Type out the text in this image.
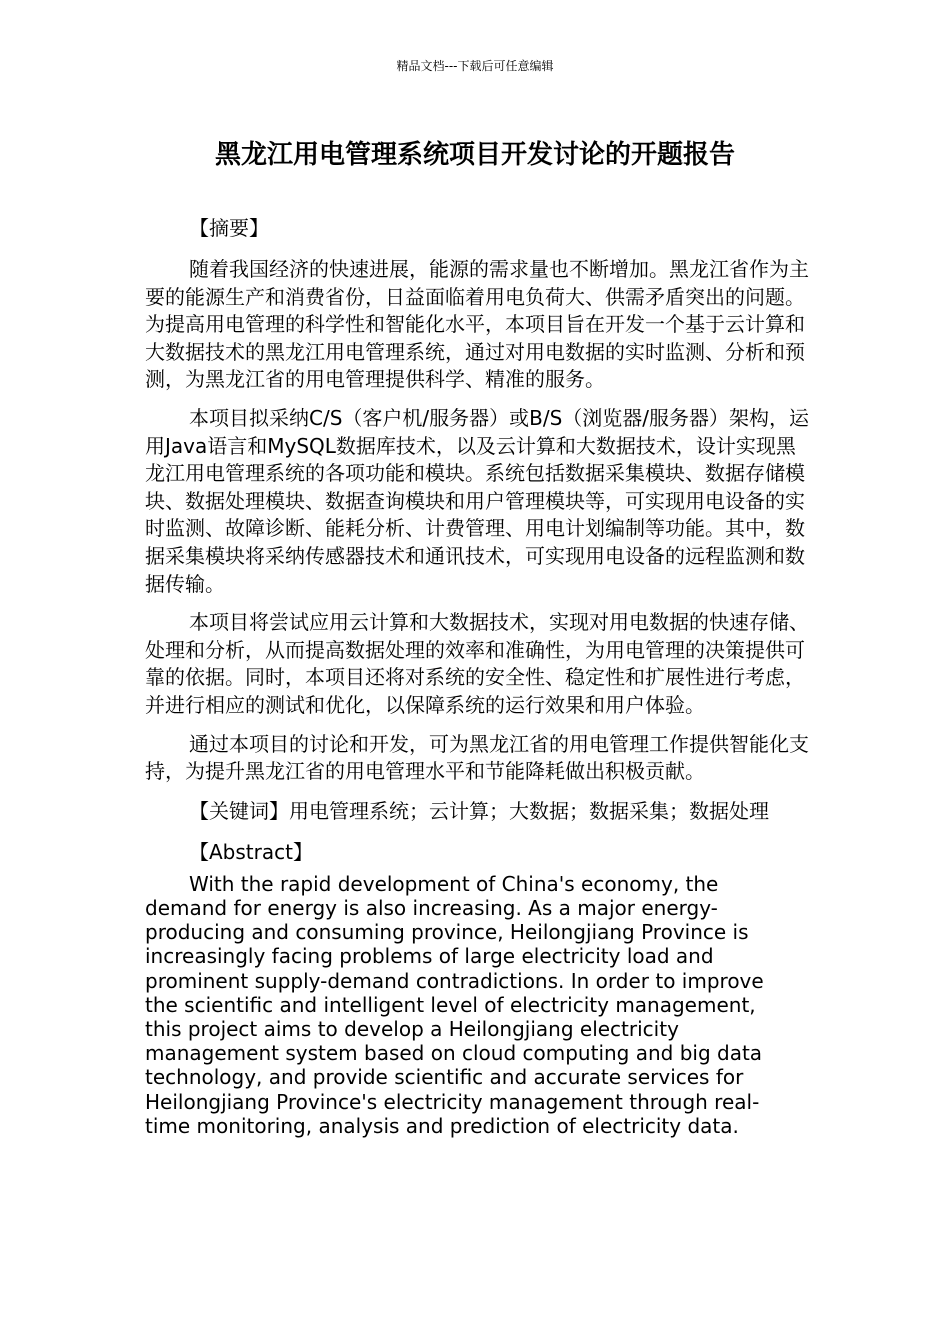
精品文档---下载后可任意编辑
黑龙江用电管理系统项目开发讨论的开题报告

【摘要】

随着我国经济的快速进展，能源的需求量也不断增加。黑龙江省作为主要的能源生产和消费省份，日益面临着用电负荷大、供需矛盾突出的问题。为提高用电管理的科学性和智能化水平，本项目旨在开发一个基于云计算和大数据技术的黑龙江用电管理系统，通过对用电数据的实时监测、分析和预测，为黑龙江省的用电管理提供科学、精准的服务。

本项目拟采纳C/S（客户机/服务器）或B/S（浏览器/服务器）架构，运用Java语言和MySQL数据库技术，以及云计算和大数据技术，设计实现黑龙江用电管理系统的各项功能和模块。系统包括数据采集模块、数据存储模块、数据处理模块、数据查询模块和用户管理模块等，可实现用电设备的实时监测、故障诊断、能耗分析、计费管理、用电计划编制等功能。其中，数据采集模块将采纳传感器技术和通讯技术，可实现用电设备的远程监测和数据传输。

本项目将尝试应用云计算和大数据技术，实现对用电数据的快速存储、处理和分析，从而提高数据处理的效率和准确性，为用电管理的决策提供可靠的依据。同时，本项目还将对系统的安全性、稳定性和扩展性进行考虑，并进行相应的测试和优化，以保障系统的运行效果和用户体验。

通过本项目的讨论和开发，可为黑龙江省的用电管理工作提供智能化支持，为提升黑龙江省的用电管理水平和节能降耗做出积极贡献。

【关键词】用电管理系统；云计算；大数据；数据采集；数据处理

【Abstract】

With the rapid development of China's economy, the demand for energy is also increasing. As a major energy-producing and consuming province, Heilongjiang Province is increasingly facing problems of large electricity load and prominent supply-demand contradictions. In order to improve the scientific and intelligent level of electricity management, this project aims to develop a Heilongjiang electricity management system based on cloud computing and big data technology, and provide scientific and accurate services for Heilongjiang Province's electricity management through real-time monitoring, analysis and prediction of electricity data.
